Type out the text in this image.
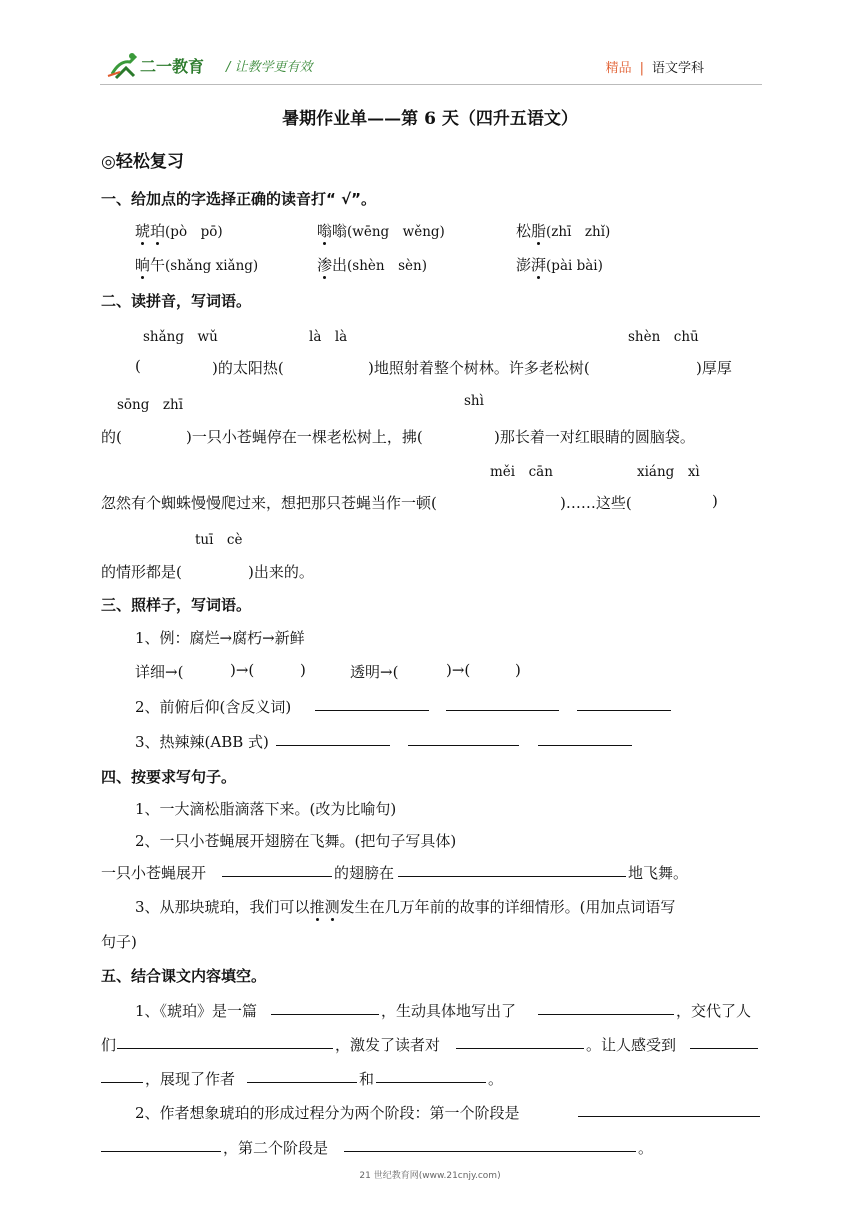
二一教育 / 让教学更有效	精品 | 语文学科
暑期作业单——第 6 天（四升五语文）
◎轻松复习
一、给加点的字选择正确的读音打“ √”。
琥珀(pò　pō)	嗡嗡(wēng　wěng)	松脂(zhī　zhǐ)
晌午(shǎng xiǎng)	渗出(shèn　sèn)	澎湃(pài bài)
二、读拼音，写词语。
shǎng　wǔ	là　là	shèn　chū
(	)的太阳热(	)地照射着整个树林。许多老松树(	)厚厚
sōng　zhī	shì
的(	)一只小苍蝇停在一棵老松树上，拂(	)那长着一对红眼睛的圆脑袋。
měi　cān	xiáng　xì
忽然有个蜘蛛慢慢爬过来，想把那只苍蝇当作一顿(	)……这些(	)
tuī　cè
的情形都是(	)出来的。
三、照样子，写词语。
1、例：腐烂→腐朽→新鲜
详细→(	)→(	)	透明→(	)→(	)
2、前俯后仰(含反义词)
3、热辣辣(ABB 式)
四、按要求写句子。
1、一大滴松脂滴落下来。(改为比喻句)
2、一只小苍蝇展开翅膀在飞舞。(把句子写具体)
一只小苍蝇展开	的翅膀在	地飞舞。
3、从那块琥珀，我们可以推测发生在几万年前的故事的详细情形。(用加点词语写
句子)
五、结合课文内容填空。
1、《琥珀》是一篇	，生动具体地写出了	，交代了人
们	，激发了读者对	。让人感受到
，展现了作者	和	。
2、作者想象琥珀的形成过程分为两个阶段：第一个阶段是
，第二个阶段是	。
21 世纪教育网(www.21cnjy.com)
